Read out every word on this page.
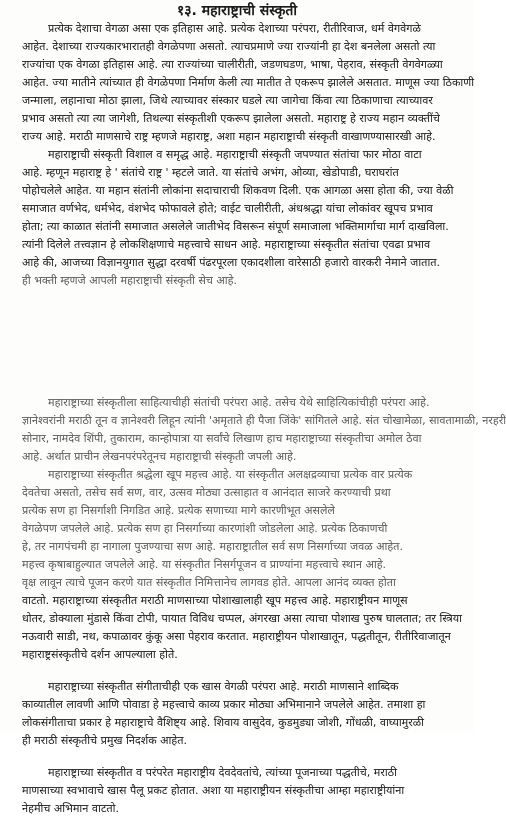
१३. महाराष्ट्राची संस्कृती
प्रत्येक देशाचा वेगळा असा एक इतिहास आहे. प्रत्येक देशाच्या परंपरा, रीतीरिवाज, धर्म वेगवेगळे
आहेत. देशाच्या राज्यकारभारातही वेगळेपणा असतो. त्याचप्रमाणे ज्या राज्यांनी हा देश बनलेला असतो त्या
राज्यांचा एक वेगळा इतिहास आहे. त्या राज्यांच्या चालीरीती, जडणघडण, भाषा, पेहराव, संस्कृती वेगवेगळ्या
आहेत. ज्या मातीने त्यांच्यात ही वेगळेपणा निर्माण केली त्या मातीत ते एकरूप झालेले असतात. माणूस ज्या ठिकाणी
जन्माला, लहानाचा मोठा झाला, जिथे त्याच्यावर संस्कार घडले त्या जागेचा किंवा त्या ठिकाणाचा त्याच्यावर
प्रभाव असतो त्या त्या जागेशी, तिथल्या संस्कृतीशी एकरूप झालेला असतो. महाराष्ट्र हे राज्य महान व्यक्तींचे
राज्य आहे. मराठी माणसाचे राष्ट्र म्हणजे महाराष्ट्र, अशा महान महाराष्ट्राची संस्कृती वाखाणण्यासारखी आहे.
महाराष्ट्राची संस्कृती विशाल व समृद्ध आहे. महाराष्ट्राची संस्कृती जपण्यात संतांचा फार मोठा वाटा
आहे. म्हणून महाराष्ट्र हे ' संतांचे राष्ट्र ' म्हटले जाते. या संतांचे अभंग, ओव्या, खेडोपाडी, घराघरांत
पोहोचलेले आहेत. या महान संतांनी लोकांना सदाचाराची शिकवण दिली. एक आगळा असा होता की, ज्या वेळी
समाजात वर्णभेद, धर्मभेद, वंशभेद फोफावले होते; वाईट चालीरीती, अंधश्रद्धा यांचा लोकांवर खूपच प्रभाव
होता; त्या काळात संतांनी समाजात असलेले जातीभेद विसरून संपूर्ण समाजाला भक्तिमार्गाचा मार्ग दाखविला.
त्यांनी दिलेले तत्त्वज्ञान हे लोकशिक्षणाचे महत्त्वाचे साधन आहे. महाराष्ट्राच्या संस्कृतीत संतांचा एवढा प्रभाव
आहे की, आजच्या विज्ञानयुगात सुद्धा दरवर्षी पंढरपूरला एकादशीला वारेसाठी हजारो वारकरी नेमाने जातात.
ही भक्ती म्हणजे आपली महाराष्ट्राची संस्कृती सेच आहे.
महाराष्ट्राच्या संस्कृतीला साहित्याचीही संतांची परंपरा आहे. तसेच येथे साहित्यिकांचीही परंपरा आहे.
ज्ञानेश्वरांनी मराठी तून व ज्ञानेश्वरी लिहून त्यांनी 'अमृताते ही पैजा जिंके' सांगितले आहे. संत चोखामेळा, सावतामाळी, नरहरी
सोनार, नामदेव शिंपी, तुकाराम, कान्होपात्रा या सर्वांचे लिखाण हाच महाराष्ट्राच्या संस्कृतीचा अमोल ठेवा
आहे. अर्थात प्राचीन लेखनपरंपरेतूनच महाराष्ट्राची संस्कृती जपली आहे.
महाराष्ट्राच्या संस्कृतीत श्रद्धेला खूप महत्त्व आहे. या संस्कृतीत अलक्षद्रव्याचा प्रत्येक वार प्रत्येक
देवतेचा असतो, तसेच सर्व सण, वार, उत्सव मोठ्या उत्साहात व आनंदात साजरे करण्याची प्रथा
प्रत्येक सण हा निसर्गाशी निगडित आहे. प्रत्येक सणाच्या मागे कारणीभूत असलेले
वेगळेपण जपलेले आहे. प्रत्येक सण हा निसर्गाच्या कारणांशी जोडलेला आहे. प्रत्येक ठिकाणची
हे, तर नागपंचमी हा नागाला पुजण्याचा सण आहे. महाराष्ट्रातील सर्व सण निसर्गाच्या जवळ आहेत.
महत्त्व कृषाबाहुल्यात जपलेले आहे. या संस्कृतीत निसर्गपूजन व प्राण्यांना महत्त्वाचे स्थान आहे.
वृक्ष लावून त्याचे पूजन करणे यात संस्कृतीत निमित्तानेच लागवड होते. आपला आनंद व्यक्त होता
वाटतो. महाराष्ट्राच्या संस्कृतीत मराठी माणसाच्या पोशाखालाही खूप महत्त्व आहे. महाराष्ट्रीयन माणूस
धोतर, डोक्याला मुंडासे किंवा टोपी, पायात विविध चप्पल, अंगरखा असा त्याचा पोशाख पुरुष घालतात; तर स्त्रिया
नऊवारी साडी, नथ, कपाळावर कुंकू असा पेहराव करतात. महाराष्ट्रीयन पोशाखातून, पद्धतीतून, रीतीरिवाजातून
महाराष्ट्रसंस्कृतीचे दर्शन आपल्याला होते.
महाराष्ट्राच्या संस्कृतीत संगीताचीही एक खास वेगळी परंपरा आहे. मराठी माणसाने शाब्दिक
काव्यातील लावणी आणि पोवाडा हे महत्त्वाचे काव्य प्रकार मोठ्या अभिमानाने जपलेले आहेत. तमाशा हा
लोकसंगीताचा प्रकार हे महाराष्ट्राचे वैशिष्ट्य आहे. शिवाय वासुदेव, कुडमुड्या जोशी, गोंधळी, वाघ्यामुरळी
ही मराठी संस्कृतीचे प्रमुख निदर्शक आहेत.
महाराष्ट्राच्या संस्कृतीत व परंपरेत महाराष्ट्रीय देवदेवतांचे, त्यांच्या पूजनाच्या पद्धतीचे, मराठी
माणसाच्या स्वभावाचे खास पैलू प्रकट होतात. अशा या महाराष्ट्रीयन संस्कृतीचा आम्हा महाराष्ट्रीयांना
नेहमीच अभिमान वाटतो.
